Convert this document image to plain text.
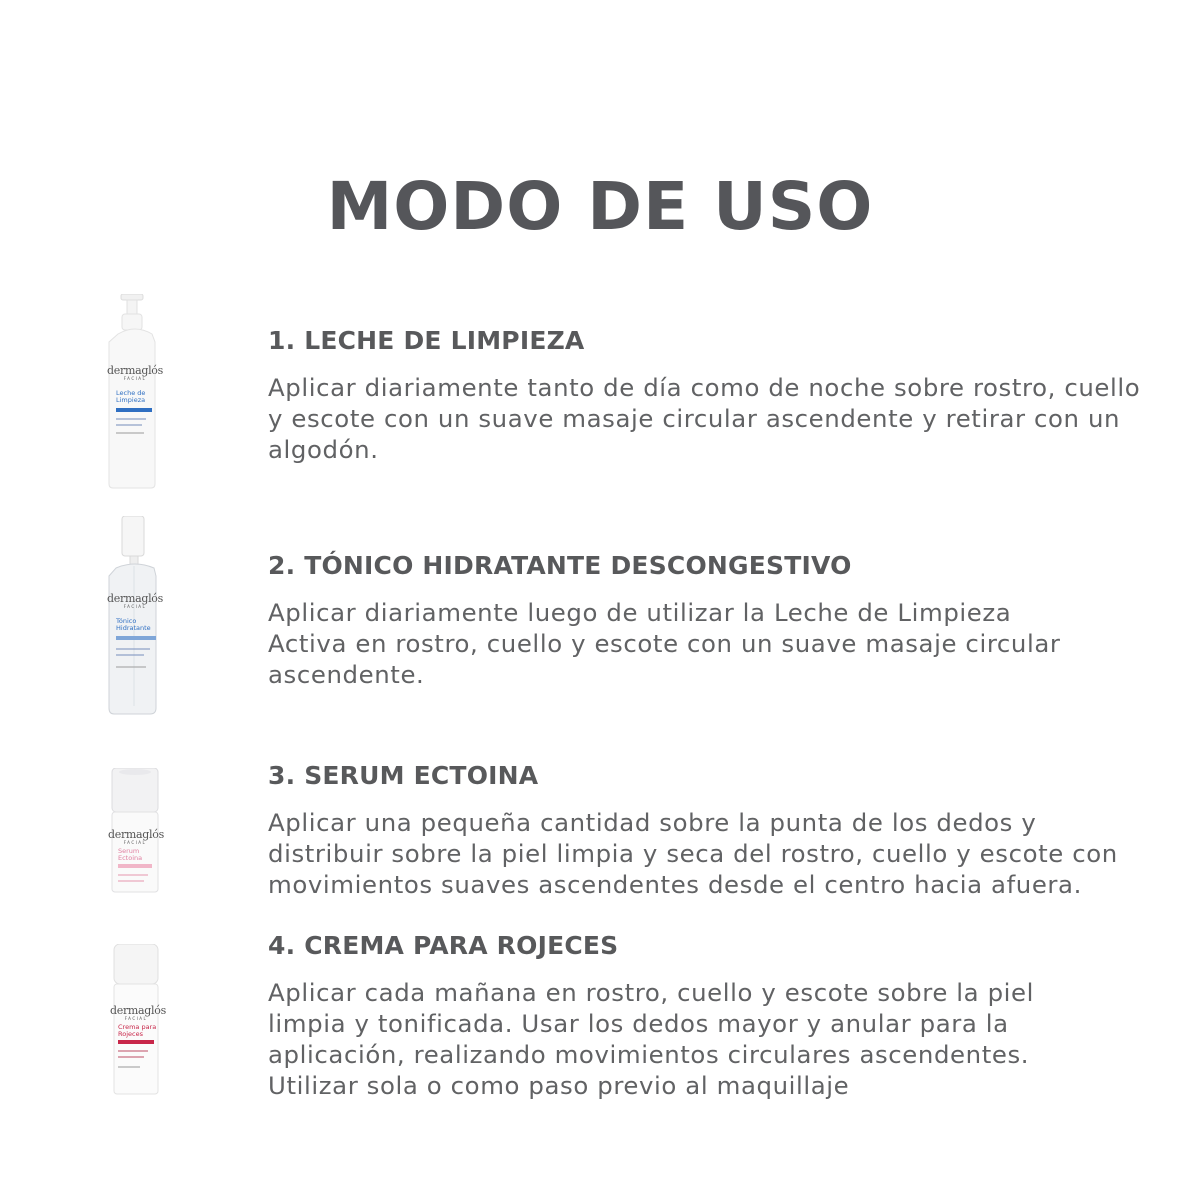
MODO DE USO
dermaglós
FACIAL
Leche de
Limpieza
dermaglós
FACIAL
Tónico
Hidratante
dermaglós
FACIAL
Serum
Ectoina
dermaglós
FACIAL
Crema para
Rojeces
1. LECHE DE LIMPIEZA

Aplicar diariamente tanto de día como de noche sobre rostro, cuello
y escote con un suave masaje circular ascendente y retirar con un
algodón.

2. TÓNICO HIDRATANTE DESCONGESTIVO

Aplicar diariamente luego de utilizar la Leche de Limpieza
Activa en rostro, cuello y escote con un suave masaje circular
ascendente.

3. SERUM ECTOINA

Aplicar una pequeña cantidad sobre la punta de los dedos y
distribuir sobre la piel limpia y seca del rostro, cuello y escote con
movimientos suaves ascendentes desde el centro hacia afuera.

4. CREMA PARA ROJECES

Aplicar cada mañana en rostro, cuello y escote sobre la piel
limpia y tonificada. Usar los dedos mayor y anular para la
aplicación, realizando movimientos circulares ascendentes.
Utilizar sola o como paso previo al maquillaje
